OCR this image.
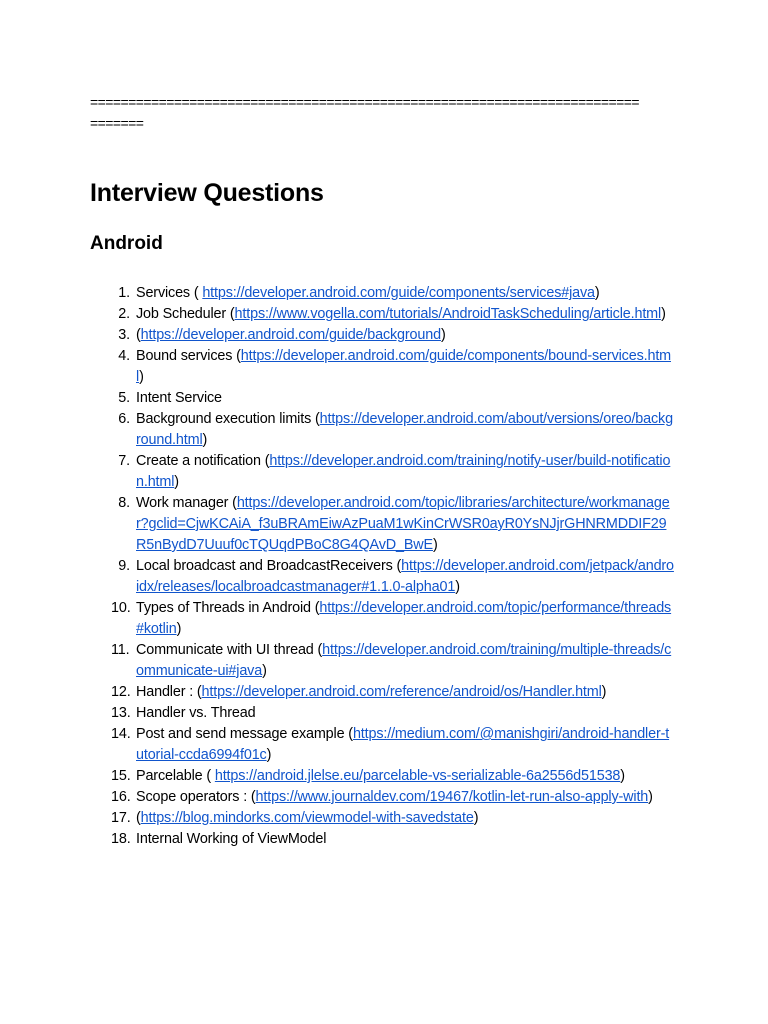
========================================================================
=======
Interview Questions
Android
1. Services ( https://developer.android.com/guide/components/services#java)
2. Job Scheduler (https://www.vogella.com/tutorials/AndroidTaskScheduling/article.html)
3. (https://developer.android.com/guide/background)
4. Bound services (https://developer.android.com/guide/components/bound-services.html)
5. Intent Service
6. Background execution limits (https://developer.android.com/about/versions/oreo/background.html)
7. Create a notification (https://developer.android.com/training/notify-user/build-notification.html)
8. Work manager (https://developer.android.com/topic/libraries/architecture/workmanager?gclid=CjwKCAiA_f3uBRAmEiwAzPuaM1wKinCrWSR0ayR0YsNJjrGHNRMDDIF29R5nBydD7Uuuf0cTQUqdPBoC8G4QAvD_BwE)
9. Local broadcast and BroadcastReceivers (https://developer.android.com/jetpack/androidx/releases/localbroadcastmanager#1.1.0-alpha01)
10. Types of Threads in Android (https://developer.android.com/topic/performance/threads#kotlin)
11. Communicate with UI thread (https://developer.android.com/training/multiple-threads/communicate-ui#java)
12. Handler : (https://developer.android.com/reference/android/os/Handler.html)
13. Handler vs. Thread
14. Post and send message example (https://medium.com/@manishgiri/android-handler-tutorial-ccda6994f01c)
15. Parcelable ( https://android.jlelse.eu/parcelable-vs-serializable-6a2556d51538)
16. Scope operators : (https://www.journaldev.com/19467/kotlin-let-run-also-apply-with)
17. (https://blog.mindorks.com/viewmodel-with-savedstate)
18. Internal Working of ViewModel
